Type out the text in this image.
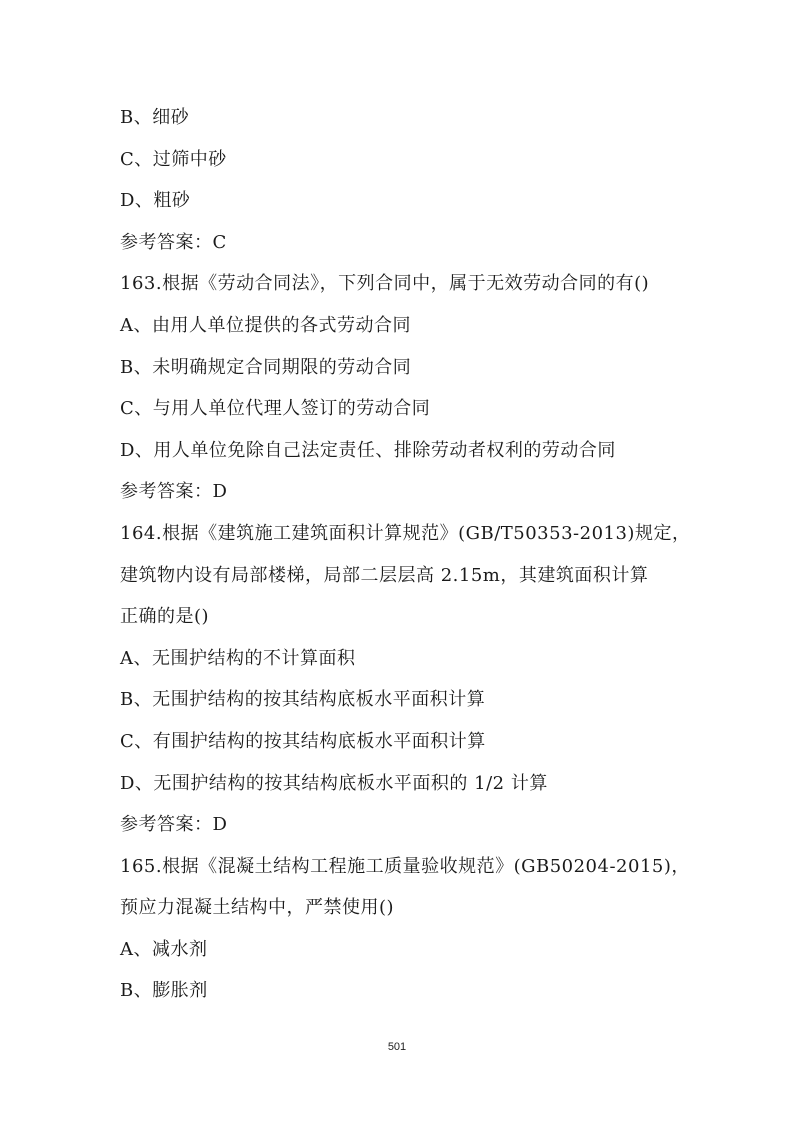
B、细砂
C、过筛中砂
D、粗砂
参考答案：C
163.根据《劳动合同法》，下列合同中，属于无效劳动合同的有()
A、由用人单位提供的各式劳动合同
B、未明确规定合同期限的劳动合同
C、与用人单位代理人签订的劳动合同
D、用人单位免除自己法定责任、排除劳动者权利的劳动合同
参考答案：D
164.根据《建筑施工建筑面积计算规范》(GB/T50353-2013)规定，
建筑物内设有局部楼梯，局部二层层高 2.15m，其建筑面积计算
正确的是()
A、无围护结构的不计算面积
B、无围护结构的按其结构底板水平面积计算
C、有围护结构的按其结构底板水平面积计算
D、无围护结构的按其结构底板水平面积的 1/2 计算
参考答案：D
165.根据《混凝土结构工程施工质量验收规范》(GB50204-2015)，
预应力混凝土结构中，严禁使用()
A、减水剂
B、膨胀剂
501
